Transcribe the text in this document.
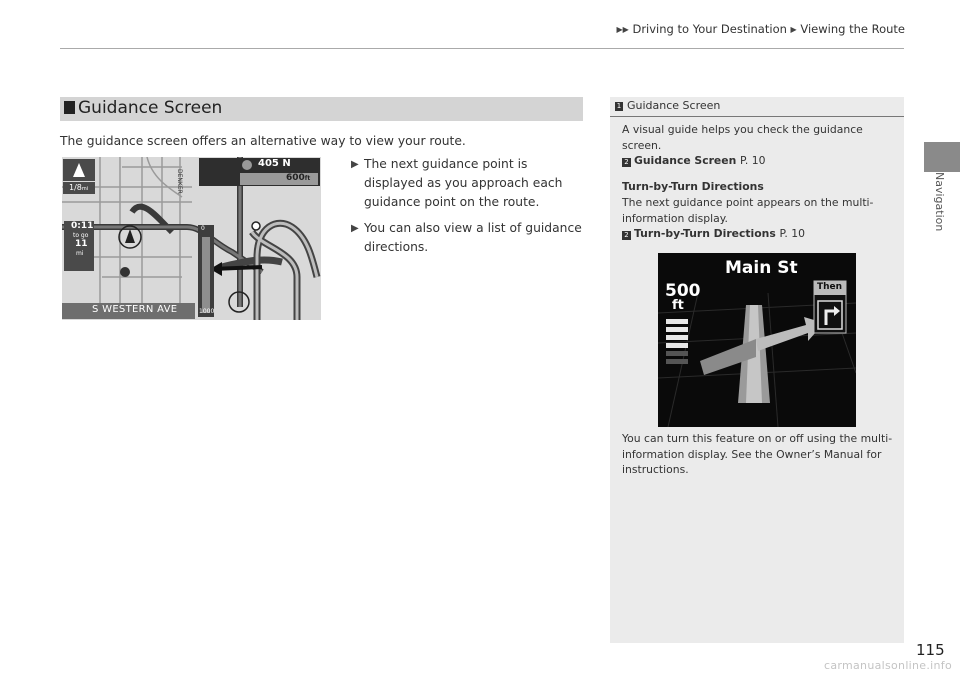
▶▶ Driving to Your Destination ▶ Viewing the Route
Navigation
Guidance Screen
The guidance screen offers an alternative way to view your route.
405 N
600ft
1/8mi
0:11
to go
11
mi
DENKER
0
1000
S WESTERN AVE
▶ The next guidance point is displayed as you approach each guidance point on the route.
▶ You can also view a list of guidance directions.
1 Guidance Screen
A visual guide helps you check the guidance screen.
2 Guidance Screen P. 10
Turn-by-Turn Directions
The next guidance point appears on the multi-information display.
2 Turn-by-Turn Directions P. 10
You can turn this feature on or off using the multi-information display. See the Owner’s Manual for instructions.
Main St
500
ft
Then
115
carmanualsonline.info
